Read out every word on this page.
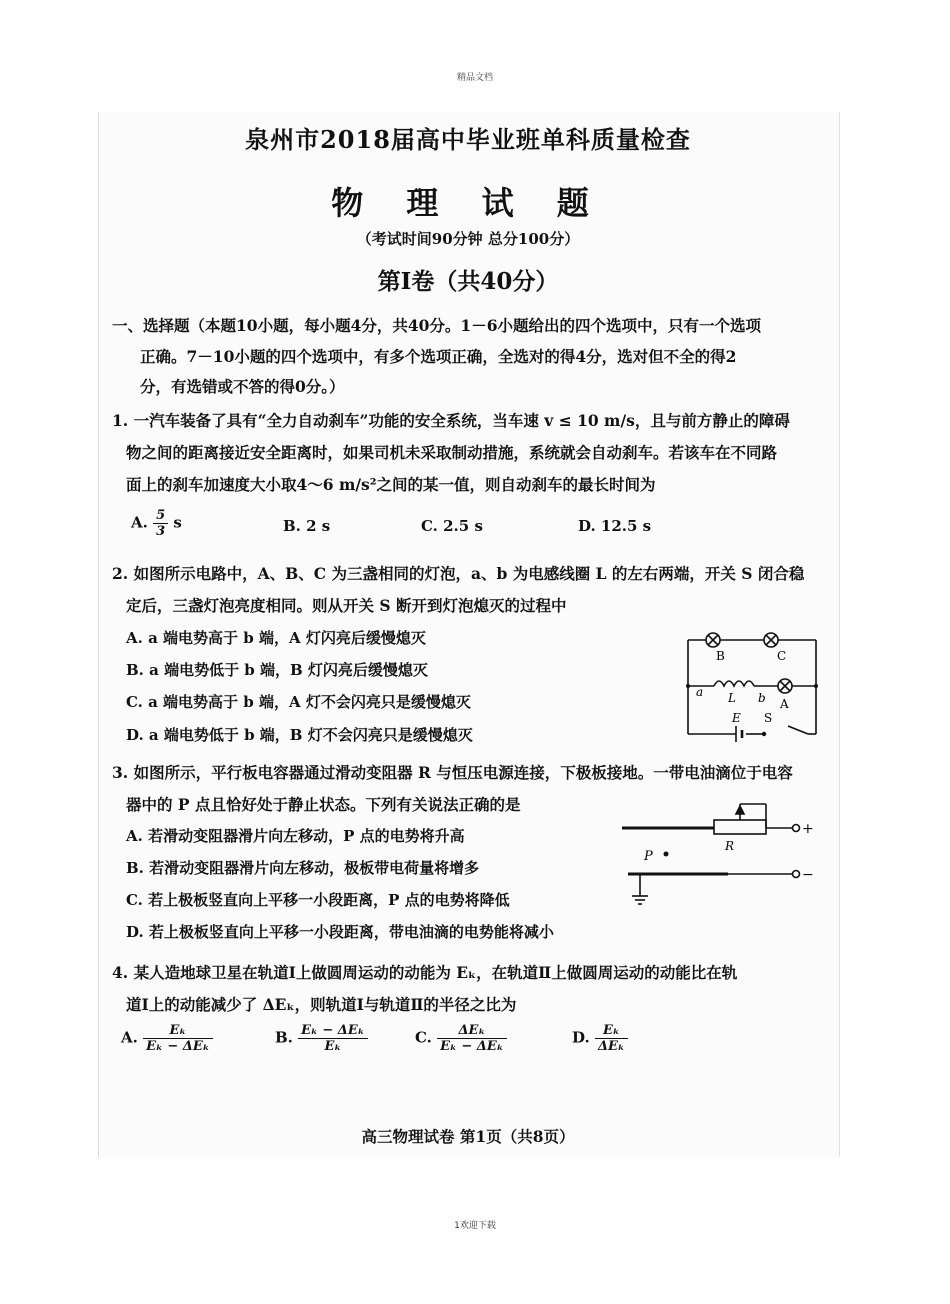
精品文档
泉州市2018届高中毕业班单科质量检查
物 理 试 题
（考试时间90分钟 总分100分）
第Ⅰ卷（共40分）
一、选择题（本题10小题，每小题4分，共40分。1－6小题给出的四个选项中，只有一个选项
正确。7－10小题的四个选项中，有多个选项正确，全选对的得4分，选对但不全的得2
分，有选错或不答的得0分。）
1. 一汽车装备了具有“全力自动刹车”功能的安全系统，当车速 v ≤ 10 m/s，且与前方静止的障碍
物之间的距离接近安全距离时，如果司机未采取制动措施，系统就会自动刹车。若该车在不同路
面上的刹车加速度大小取4～6 m/s²之间的某一值，则自动刹车的最长时间为
A. $\frac{5}{3}$ s	B. 2 s	C. 2.5 s	D. 12.5 s
2. 如图所示电路中，A、B、C 为三盏相同的灯泡，a、b 为电感线圈 L 的左右两端，开关 S 闭合稳
定后，三盏灯泡亮度相同。则从开关 S 断开到灯泡熄灭的过程中
A. a 端电势高于 b 端，A 灯闪亮后缓慢熄灭
B. a 端电势低于 b 端，B 灯闪亮后缓慢熄灭
C. a 端电势高于 b 端，A 灯不会闪亮只是缓慢熄灭
D. a 端电势低于 b 端，B 灯不会闪亮只是缓慢熄灭
B	C
a L b A
E S
3. 如图所示，平行板电容器通过滑动变阻器 R 与恒压电源连接，下极板接地。一带电油滴位于电容
器中的 P 点且恰好处于静止状态。下列有关说法正确的是
A. 若滑动变阻器滑片向左移动，P 点的电势将升高
B. 若滑动变阻器滑片向左移动，极板带电荷量将增多
C. 若上极板竖直向上平移一小段距离，P 点的电势将降低
D. 若上极板竖直向上平移一小段距离，带电油滴的电势能将减小
P
R
+
−
4. 某人造地球卫星在轨道Ⅰ上做圆周运动的动能为 Eₖ，在轨道Ⅱ上做圆周运动的动能比在轨
道Ⅰ上的动能减少了 ΔEₖ，则轨道Ⅰ与轨道Ⅱ的半径之比为
A. $\frac{\text{Eₖ}}{\text{Eₖ − ΔEₖ}}$	B. $\frac{\text{Eₖ − ΔEₖ}}{\text{Eₖ}}$	C. $\frac{\text{ΔEₖ}}{\text{Eₖ − ΔEₖ}}$	D. $\frac{\text{Eₖ}}{\text{ΔEₖ}}$
高三物理试卷 第1页（共8页）
1欢迎下载
